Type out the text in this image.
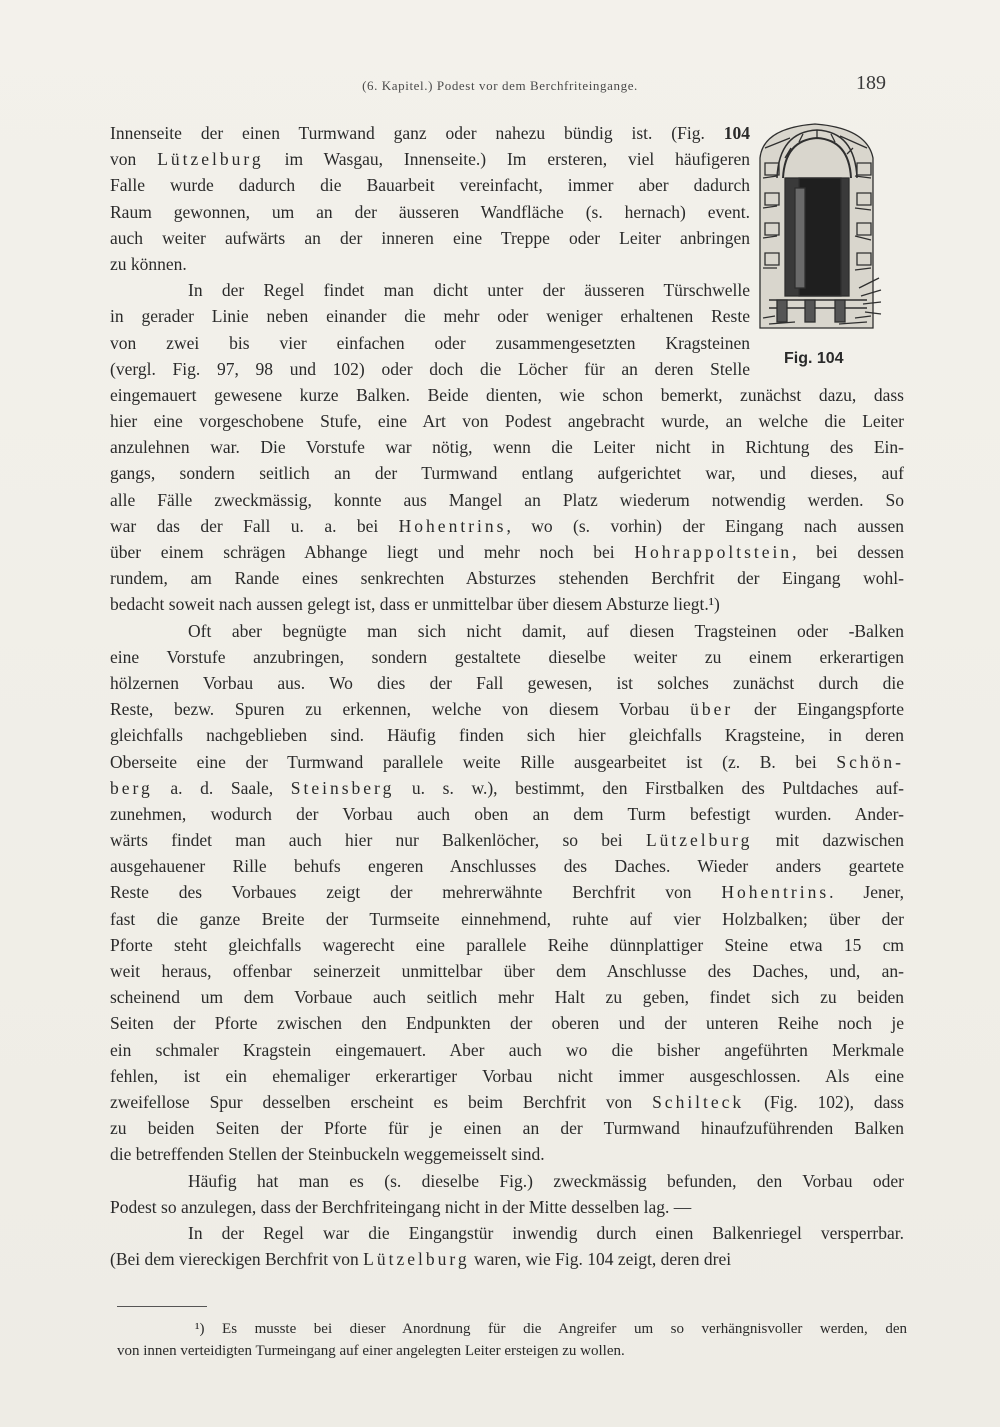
(6. Kapitel.) Podest vor dem Berchfriteingange.	189
Fig. 104
Innenseite der einen Turmwand ganz oder nahezu bündig ist. (Fig. 104
von Lützelburg im Wasgau, Innenseite.) Im ersteren, viel häufigeren
Falle wurde dadurch die Bauarbeit vereinfacht, immer aber dadurch
Raum gewonnen, um an der äusseren Wandfläche (s. hernach) event.
auch weiter aufwärts an der inneren eine Treppe oder Leiter anbringen
zu können.
In der Regel findet man dicht unter der äusseren Türschwelle
in gerader Linie neben einander die mehr oder weniger erhaltenen Reste
von zwei bis vier einfachen oder zusammengesetzten Kragsteinen
(vergl. Fig. 97, 98 und 102) oder doch die Löcher für an deren Stelle
eingemauert gewesene kurze Balken. Beide dienten, wie schon bemerkt, zunächst dazu, dass
hier eine vorgeschobene Stufe, eine Art von Podest angebracht wurde, an welche die Leiter
anzulehnen war. Die Vorstufe war nötig, wenn die Leiter nicht in Richtung des Ein-
gangs, sondern seitlich an der Turmwand entlang aufgerichtet war, und dieses, auf
alle Fälle zweckmässig, konnte aus Mangel an Platz wiederum notwendig werden. So
war das der Fall u. a. bei Hohentrins, wo (s. vorhin) der Eingang nach aussen
über einem schrägen Abhange liegt und mehr noch bei Hohrappoltstein, bei dessen
rundem, am Rande eines senkrechten Absturzes stehenden Berchfrit der Eingang wohl-
bedacht soweit nach aussen gelegt ist, dass er unmittelbar über diesem Absturze liegt.¹)
Oft aber begnügte man sich nicht damit, auf diesen Tragsteinen oder -Balken
eine Vorstufe anzubringen, sondern gestaltete dieselbe weiter zu einem erkerartigen
hölzernen Vorbau aus. Wo dies der Fall gewesen, ist solches zunächst durch die
Reste, bezw. Spuren zu erkennen, welche von diesem Vorbau über der Eingangspforte
gleichfalls nachgeblieben sind. Häufig finden sich hier gleichfalls Kragsteine, in deren
Oberseite eine der Turmwand parallele weite Rille ausgearbeitet ist (z. B. bei Schön-
berg a. d. Saale, Steinsberg u. s. w.), bestimmt, den Firstbalken des Pultdaches auf-
zunehmen, wodurch der Vorbau auch oben an dem Turm befestigt wurden. Ander-
wärts findet man auch hier nur Balkenlöcher, so bei Lützelburg mit dazwischen
ausgehauener Rille behufs engeren Anschlusses des Daches. Wieder anders geartete
Reste des Vorbaues zeigt der mehrerwähnte Berchfrit von Hohentrins. Jener,
fast die ganze Breite der Turmseite einnehmend, ruhte auf vier Holzbalken; über der
Pforte steht gleichfalls wagerecht eine parallele Reihe dünnplattiger Steine etwa 15 cm
weit heraus, offenbar seinerzeit unmittelbar über dem Anschlusse des Daches, und, an-
scheinend um dem Vorbaue auch seitlich mehr Halt zu geben, findet sich zu beiden
Seiten der Pforte zwischen den Endpunkten der oberen und der unteren Reihe noch je
ein schmaler Kragstein eingemauert. Aber auch wo die bisher angeführten Merkmale
fehlen, ist ein ehemaliger erkerartiger Vorbau nicht immer ausgeschlossen. Als eine
zweifellose Spur desselben erscheint es beim Berchfrit von Schilteck (Fig. 102), dass
zu beiden Seiten der Pforte für je einen an der Turmwand hinaufzuführenden Balken
die betreffenden Stellen der Steinbuckeln weggemeisselt sind.
Häufig hat man es (s. dieselbe Fig.) zweckmässig befunden, den Vorbau oder
Podest so anzulegen, dass der Berchfriteingang nicht in der Mitte desselben lag. —
In der Regel war die Eingangstür inwendig durch einen Balkenriegel versperrbar.
(Bei dem viereckigen Berchfrit von Lützelburg waren, wie Fig. 104 zeigt, deren drei
¹) Es musste bei dieser Anordnung für die Angreifer um so verhängnisvoller werden, den
von innen verteidigten Turmeingang auf einer angelegten Leiter ersteigen zu wollen.
